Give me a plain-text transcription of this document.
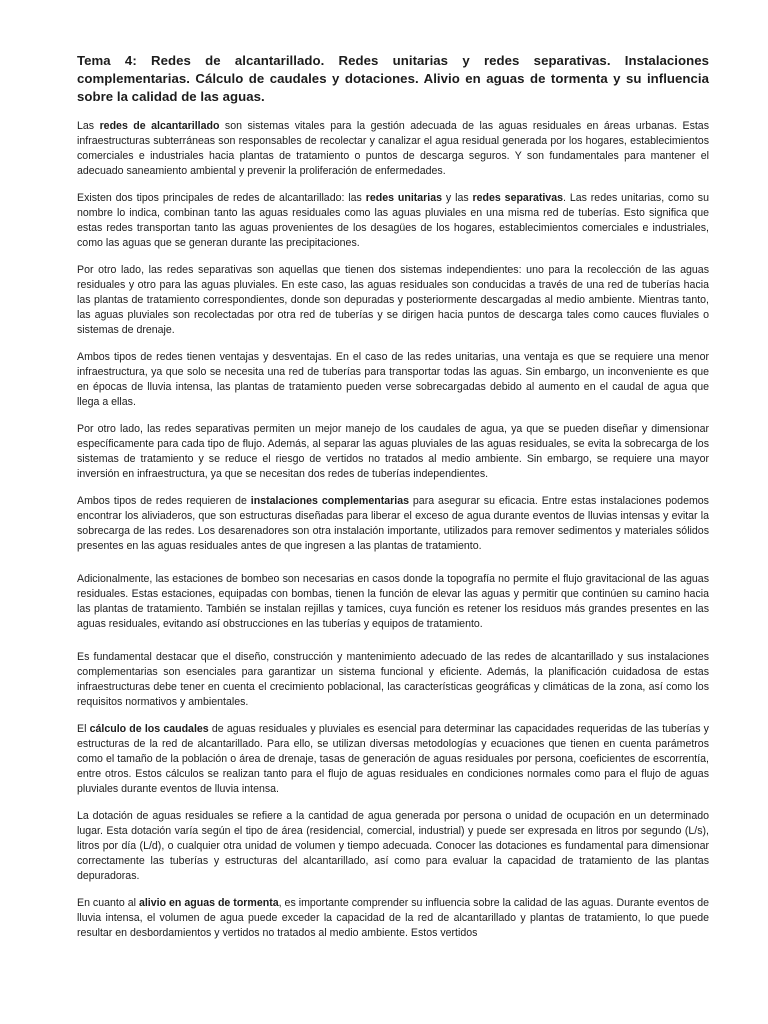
Tema 4: Redes de alcantarillado. Redes unitarias y redes separativas. Instalaciones complementarias. Cálculo de caudales y dotaciones. Alivio en aguas de tormenta y su influencia sobre la calidad de las aguas.

Las redes de alcantarillado son sistemas vitales para la gestión adecuada de las aguas residuales en áreas urbanas. Estas infraestructuras subterráneas son responsables de recolectar y canalizar el agua residual generada por los hogares, establecimientos comerciales e industriales hacia plantas de tratamiento o puntos de descarga seguros. Y son fundamentales para mantener el adecuado saneamiento ambiental y prevenir la proliferación de enfermedades.

Existen dos tipos principales de redes de alcantarillado: las redes unitarias y las redes separativas. Las redes unitarias, como su nombre lo indica, combinan tanto las aguas residuales como las aguas pluviales en una misma red de tuberías. Esto significa que estas redes transportan tanto las aguas provenientes de los desagües de los hogares, establecimientos comerciales e industriales, como las aguas que se generan durante las precipitaciones.

Por otro lado, las redes separativas son aquellas que tienen dos sistemas independientes: uno para la recolección de las aguas residuales y otro para las aguas pluviales. En este caso, las aguas residuales son conducidas a través de una red de tuberías hacia las plantas de tratamiento correspondientes, donde son depuradas y posteriormente descargadas al medio ambiente. Mientras tanto, las aguas pluviales son recolectadas por otra red de tuberías y se dirigen hacia puntos de descarga tales como cauces fluviales o sistemas de drenaje.

Ambos tipos de redes tienen ventajas y desventajas. En el caso de las redes unitarias, una ventaja es que se requiere una menor infraestructura, ya que solo se necesita una red de tuberías para transportar todas las aguas. Sin embargo, un inconveniente es que en épocas de lluvia intensa, las plantas de tratamiento pueden verse sobrecargadas debido al aumento en el caudal de agua que llega a ellas.

Por otro lado, las redes separativas permiten un mejor manejo de los caudales de agua, ya que se pueden diseñar y dimensionar específicamente para cada tipo de flujo. Además, al separar las aguas pluviales de las aguas residuales, se evita la sobrecarga de los sistemas de tratamiento y se reduce el riesgo de vertidos no tratados al medio ambiente. Sin embargo, se requiere una mayor inversión en infraestructura, ya que se necesitan dos redes de tuberías independientes.

Ambos tipos de redes requieren de instalaciones complementarias para asegurar su eficacia. Entre estas instalaciones podemos encontrar los aliviaderos, que son estructuras diseñadas para liberar el exceso de agua durante eventos de lluvias intensas y evitar la sobrecarga de las redes. Los desarenadores son otra instalación importante, utilizados para remover sedimentos y materiales sólidos presentes en las aguas residuales antes de que ingresen a las plantas de tratamiento.

Adicionalmente, las estaciones de bombeo son necesarias en casos donde la topografía no permite el flujo gravitacional de las aguas residuales. Estas estaciones, equipadas con bombas, tienen la función de elevar las aguas y permitir que continúen su camino hacia las plantas de tratamiento. También se instalan rejillas y tamices, cuya función es retener los residuos más grandes presentes en las aguas residuales, evitando así obstrucciones en las tuberías y equipos de tratamiento.

Es fundamental destacar que el diseño, construcción y mantenimiento adecuado de las redes de alcantarillado y sus instalaciones complementarias son esenciales para garantizar un sistema funcional y eficiente. Además, la planificación cuidadosa de estas infraestructuras debe tener en cuenta el crecimiento poblacional, las características geográficas y climáticas de la zona, así como los requisitos normativos y ambientales.

El cálculo de los caudales de aguas residuales y pluviales es esencial para determinar las capacidades requeridas de las tuberías y estructuras de la red de alcantarillado. Para ello, se utilizan diversas metodologías y ecuaciones que tienen en cuenta parámetros como el tamaño de la población o área de drenaje, tasas de generación de aguas residuales por persona, coeficientes de escorrentía, entre otros. Estos cálculos se realizan tanto para el flujo de aguas residuales en condiciones normales como para el flujo de aguas pluviales durante eventos de lluvia intensa.

La dotación de aguas residuales se refiere a la cantidad de agua generada por persona o unidad de ocupación en un determinado lugar. Esta dotación varía según el tipo de área (residencial, comercial, industrial) y puede ser expresada en litros por segundo (L/s), litros por día (L/d), o cualquier otra unidad de volumen y tiempo adecuada. Conocer las dotaciones es fundamental para dimensionar correctamente las tuberías y estructuras del alcantarillado, así como para evaluar la capacidad de tratamiento de las plantas depuradoras.

En cuanto al alivio en aguas de tormenta, es importante comprender su influencia sobre la calidad de las aguas. Durante eventos de lluvia intensa, el volumen de agua puede exceder la capacidad de la red de alcantarillado y plantas de tratamiento, lo que puede resultar en desbordamientos y vertidos no tratados al medio ambiente. Estos vertidos
